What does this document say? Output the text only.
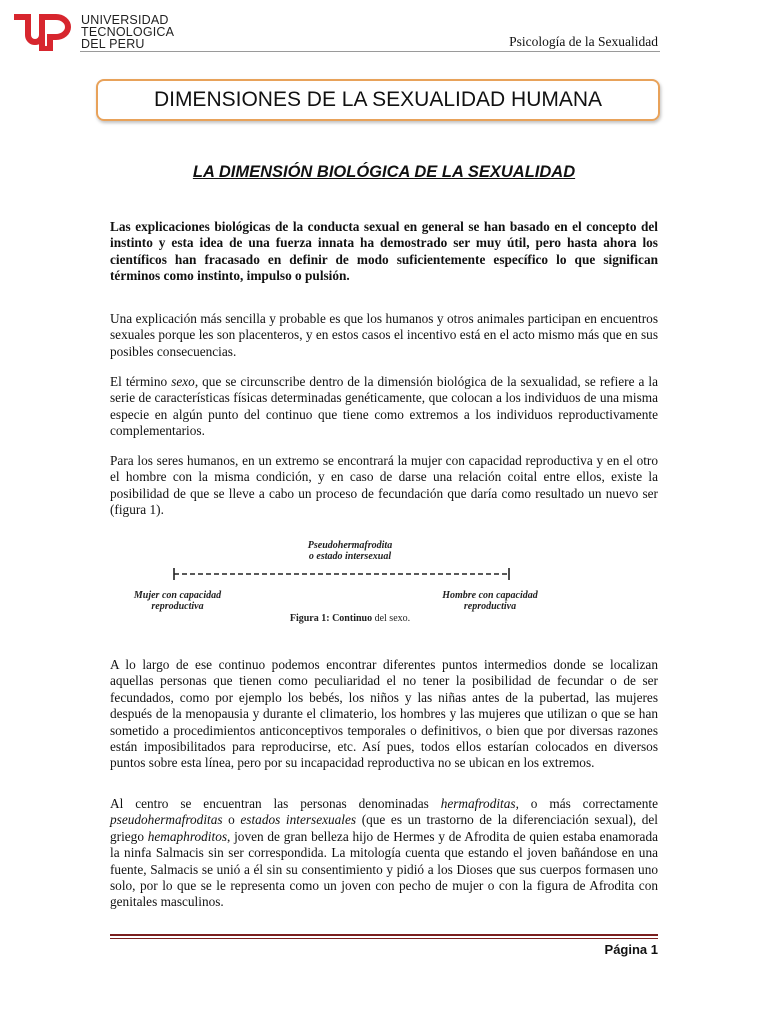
UNIVERSIDAD
TECNOLOGICA
DEL PERU	Psicología de la Sexualidad
DIMENSIONES DE LA SEXUALIDAD HUMANA
LA DIMENSIÓN BIOLÓGICA DE LA SEXUALIDAD
Las explicaciones biológicas de la conducta sexual en general se han basado en el concepto del instinto y esta idea de una fuerza innata ha demostrado ser muy útil, pero hasta ahora los científicos han fracasado en definir de modo suficientemente específico lo que significan términos como instinto, impulso o pulsión.
Una explicación más sencilla y probable es que los humanos y otros animales participan en encuentros sexuales porque les son placenteros, y en estos casos el incentivo está en el acto mismo más que en sus posibles consecuencias.
El término sexo, que se circunscribe dentro de la dimensión biológica de la sexualidad, se refiere a la serie de características físicas determinadas genéticamente, que colocan a los individuos de una misma especie en algún punto del continuo que tiene como extremos a los individuos reproductivamente complementarios.
Para los seres humanos, en un extremo se encontrará la mujer con capacidad reproductiva y en el otro el hombre con la misma condición, y en caso de darse una relación coital entre ellos, existe la posibilidad de que se lleve a cabo un proceso de fecundación que daría como resultado un nuevo ser (figura 1).
Pseudohermafrodita
o estado intersexual
Mujer con capacidad
reproductiva
Hombre con capacidad
reproductiva
Figura 1: Continuo del sexo.
A lo largo de ese continuo podemos encontrar diferentes puntos intermedios donde se localizan aquellas personas que tienen como peculiaridad el no tener la posibilidad de fecundar o de ser fecundados, como por ejemplo los bebés, los niños y las niñas antes de la pubertad, las mujeres después de la menopausia y durante el climaterio, los hombres y las mujeres que utilizan o que se han sometido a procedimientos anticonceptivos temporales o definitivos, o bien que por diversas razones están imposibilitados para reproducirse, etc. Así pues, todos ellos estarían colocados en diversos puntos sobre esta línea, pero por su incapacidad reproductiva no se ubican en los extremos.
Al centro se encuentran las personas denominadas hermafroditas, o más correctamente pseudohermafroditas o estados intersexuales (que es un trastorno de la diferenciación sexual), del griego hemaphroditos, joven de gran belleza hijo de Hermes y de Afrodita de quien estaba enamorada la ninfa Salmacis sin ser correspondida. La mitología cuenta que estando el joven bañándose en una fuente, Salmacis se unió a él sin su consentimiento y pidió a los Dioses que sus cuerpos formasen uno solo, por lo que se le representa como un joven con pecho de mujer o con la figura de Afrodita con genitales masculinos.
Página 1
